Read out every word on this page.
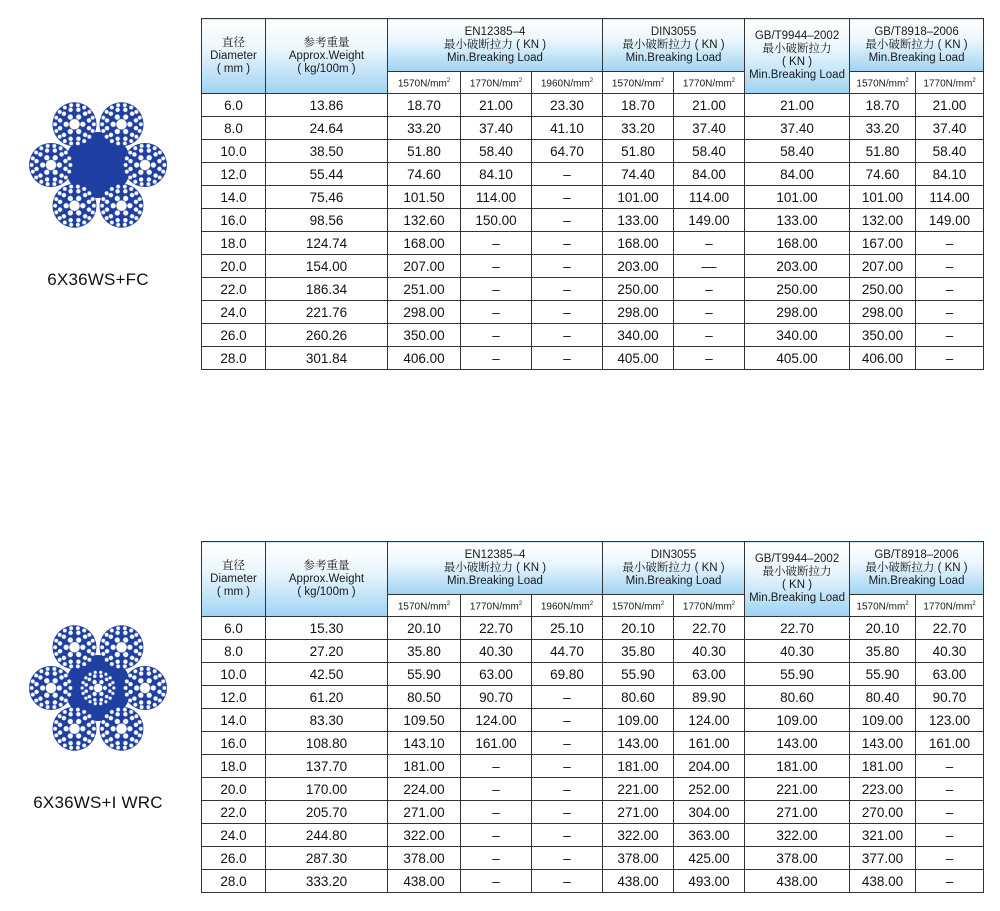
6X36WS+FC
直径
Diameter
( mm )	参考重量
Approx.Weight
( kg/100m )	EN12385–4
最小破断拉力 ( KN )
Min.Breaking Load			DIN3055
最小破断拉力 ( KN )
Min.Breaking Load		GB/T9944–2002
最小破断拉力
( KN )
Min.Breaking Load	GB/T8918–2006
最小破断拉力 ( KN )
Min.Breaking Load	

		$1570N/mm^2$	$1770N/mm^2$	$1960N/mm^2$	$1570N/mm^2$	$1770N/mm^2$		$1570N/mm^2$	$1770N/mm^2$
6.0	13.86	18.70	21.00	23.30	18.70	21.00	21.00	18.70	21.00
8.0	24.64	33.20	37.40	41.10	33.20	37.40	37.40	33.20	37.40
10.0	38.50	51.80	58.40	64.70	51.80	58.40	58.40	51.80	58.40
12.0	55.44	74.60	84.10	–	74.40	84.00	84.00	74.60	84.10
14.0	75.46	101.50	114.00	–	101.00	114.00	101.00	101.00	114.00
16.0	98.56	132.60	150.00	–	133.00	149.00	133.00	132.00	149.00
18.0	124.74	168.00	–	–	168.00	–	168.00	167.00	–
20.0	154.00	207.00	–	–	203.00	––	203.00	207.00	–
22.0	186.34	251.00	–	–	250.00	–	250.00	250.00	–
24.0	221.76	298.00	–	–	298.00	–	298.00	298.00	–
26.0	260.26	350.00	–	–	340.00	–	340.00	350.00	–
28.0	301.84	406.00	–	–	405.00	–	405.00	406.00	–
6X36WS+I WRC
直径
Diameter
( mm )	参考重量
Approx.Weight
( kg/100m )	EN12385–4
最小破断拉力 ( KN )
Min.Breaking Load			DIN3055
最小破断拉力 ( KN )
Min.Breaking Load		GB/T9944–2002
最小破断拉力
( KN )
Min.Breaking Load	GB/T8918–2006
最小破断拉力 ( KN )
Min.Breaking Load	

		$1570N/mm^2$	$1770N/mm^2$	$1960N/mm^2$	$1570N/mm^2$	$1770N/mm^2$		$1570N/mm^2$	$1770N/mm^2$
6.0	15.30	20.10	22.70	25.10	20.10	22.70	22.70	20.10	22.70
8.0	27.20	35.80	40.30	44.70	35.80	40.30	40.30	35.80	40.30
10.0	42.50	55.90	63.00	69.80	55.90	63.00	55.90	55.90	63.00
12.0	61.20	80.50	90.70	–	80.60	89.90	80.60	80.40	90.70
14.0	83.30	109.50	124.00	–	109.00	124.00	109.00	109.00	123.00
16.0	108.80	143.10	161.00	–	143.00	161.00	143.00	143.00	161.00
18.0	137.70	181.00	–	–	181.00	204.00	181.00	181.00	–
20.0	170.00	224.00	–	–	221.00	252.00	221.00	223.00	–
22.0	205.70	271.00	–	–	271.00	304.00	271.00	270.00	–
24.0	244.80	322.00	–	–	322.00	363.00	322.00	321.00	–
26.0	287.30	378.00	–	–	378.00	425.00	378.00	377.00	–
28.0	333.20	438.00	–	–	438.00	493.00	438.00	438.00	–
